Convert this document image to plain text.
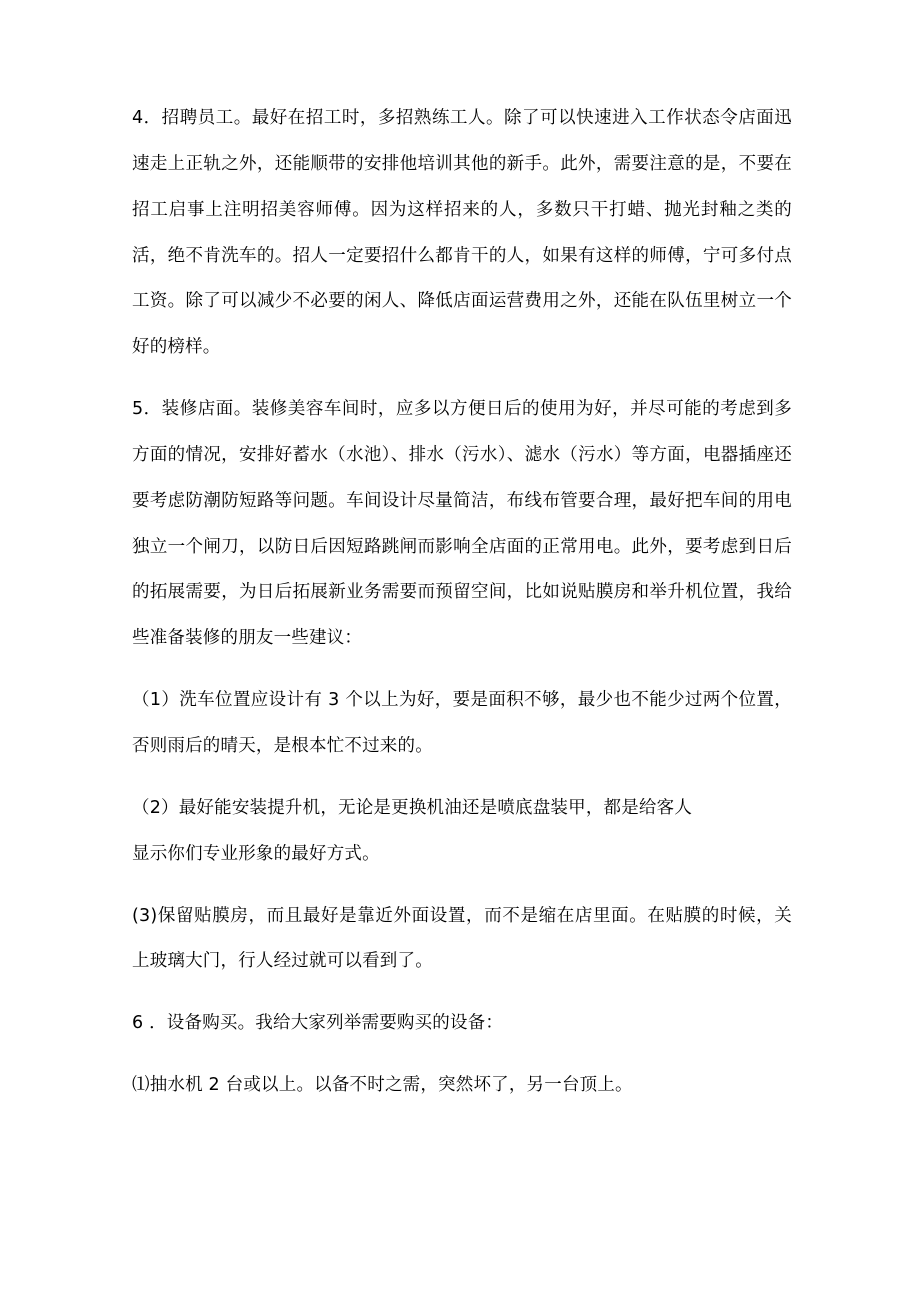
4．招聘员工。最好在招工时，多招熟练工人。除了可以快速进入工作状态令店面迅速走上正轨之外，还能顺带的安排他培训其他的新手。此外，需要注意的是，不要在招工启事上注明招美容师傅。因为这样招来的人，多数只干打蜡、抛光封釉之类的活，绝不肯洗车的。招人一定要招什么都肯干的人，如果有这样的师傅，宁可多付点工资。除了可以减少不必要的闲人、降低店面运营费用之外，还能在队伍里树立一个好的榜样。

5．装修店面。装修美容车间时，应多以方便日后的使用为好，并尽可能的考虑到多方面的情况，安排好蓄水（水池）、排水（污水）、滤水（污水）等方面，电器插座还要考虑防潮防短路等问题。车间设计尽量简洁，布线布管要合理，最好把车间的用电独立一个闸刀，以防日后因短路跳闸而影响全店面的正常用电。此外，要考虑到日后的拓展需要，为日后拓展新业务需要而预留空间，比如说贴膜房和举升机位置，我给些准备装修的朋友一些建议：

（1）洗车位置应设计有 3 个以上为好，要是面积不够，最少也不能少过两个位置，否则雨后的晴天，是根本忙不过来的。

（2）最好能安装提升机，无论是更换机油还是喷底盘装甲，都是给客人

显示你们专业形象的最好方式。

(3)保留贴膜房，而且最好是靠近外面设置，而不是缩在店里面。在贴膜的时候，关上玻璃大门，行人经过就可以看到了。

6 ．设备购买。我给大家列举需要购买的设备：

⑴抽水机 2 台或以上。以备不时之需，突然坏了，另一台顶上。
